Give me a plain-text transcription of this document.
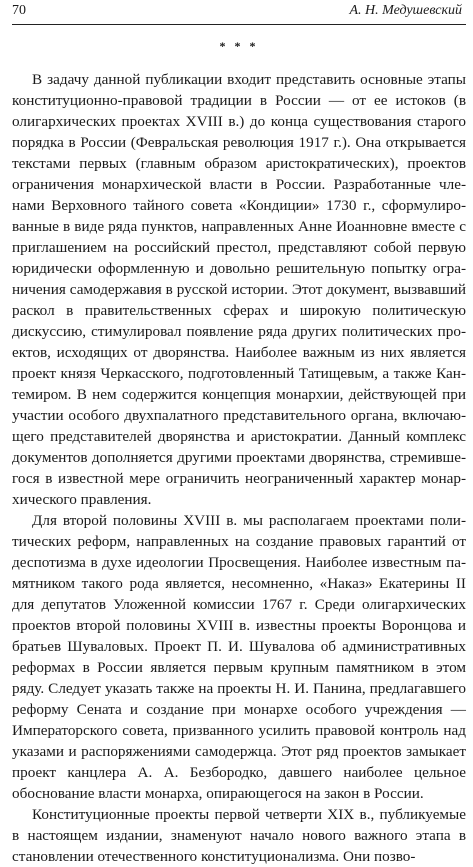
70	А. Н. Медушевский
* * *

В задачу данной публикации входит представить основные этапы конституционно-правовой традиции в России — от ее истоков (в олигархических проектах XVIII в.) до конца существования старого порядка в России (Февральская революция 1917 г.). Она открывается текстами первых (главным образом аристократических), проектов ограничения монархической власти в России. Разработанные членами Верховного тайного совета «Кондиции» 1730 г., сформулированные в виде ряда пунктов, направленных Анне Иоанновне вместе с приглашением на российский престол, представляют собой первую юридически оформленную и довольно решительную попытку ограничения самодержавия в русской истории. Этот документ, вызвавший раскол в правительственных сферах и широкую политическую дискуссию, стимулировал появление ряда других политических проектов, исходящих от дворянства. Наиболее важным из них является проект князя Черкасского, подготовленный Татищевым, а также Кантемиром. В нем содержится концепция монархии, действующей при участии особого двухпалатного представительного органа, включающего представителей дворянства и аристократии. Данный комплекс документов дополняется другими проектами дворянства, стремившегося в известной мере ограничить неограниченный характер монархического правления.

Для второй половины XVIII в. мы располагаем проектами политических реформ, направленных на создание правовых гарантий от деспотизма в духе идеологии Просвещения. Наиболее известным памятником такого рода является, несомненно, «Наказ» Екатерины II для депутатов Уложенной комиссии 1767 г. Среди олигархических проектов второй половины XVIII в. известны проекты Воронцова и братьев Шуваловых. Проект П. И. Шувалова об административных реформах в России является первым крупным памятником в этом ряду. Следует указать также на проекты Н. И. Панина, предлагавшего реформу Сената и создание при монархе особого учреждения — Императорского совета, призванного усилить правовой контроль над указами и распоряжениями самодержца. Этот ряд проектов замыкает проект канцлера А. А. Безбородко, давшего наиболее цельное обоснование власти монарха, опирающегося на закон в России.

Конституционные проекты первой четверти XIX в., публикуемые в настоящем издании, знаменуют начало нового важного этапа в становлении отечественного конституционализма. Они позво-
